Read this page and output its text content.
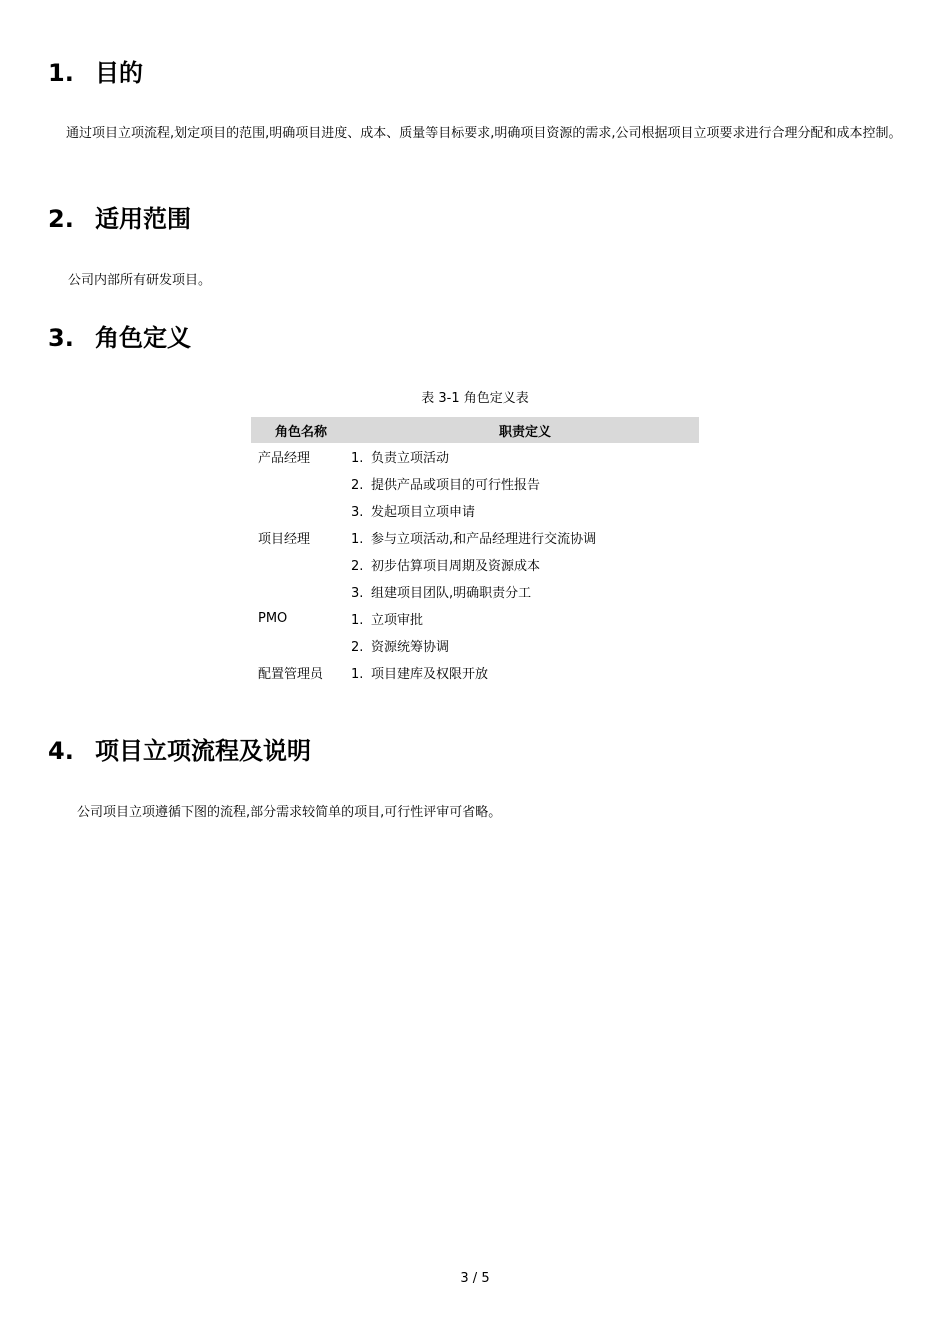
1. 目的

通过项目立项流程,划定项目的范围,明确项目进度、成本、质量等目标要求,明确项目资源的需求,公司根据项目立项要求进行合理分配和成本控制。

2. 适用范围

公司内部所有研发项目。

3. 角色定义
表 3-1 角色定义表
角色名称	职责定义
产品经理	1. 负责立项活动
	2. 提供产品或项目的可行性报告
	3. 发起项目立项申请
项目经理	1. 参与立项活动,和产品经理进行交流协调
	2. 初步估算项目周期及资源成本
	3. 组建项目团队,明确职责分工
PMO	1. 立项审批
	2. 资源统筹协调
配置管理员	1. 项目建库及权限开放
4. 项目立项流程及说明

公司项目立项遵循下图的流程,部分需求较简单的项目,可行性评审可省略。

3 / 5
